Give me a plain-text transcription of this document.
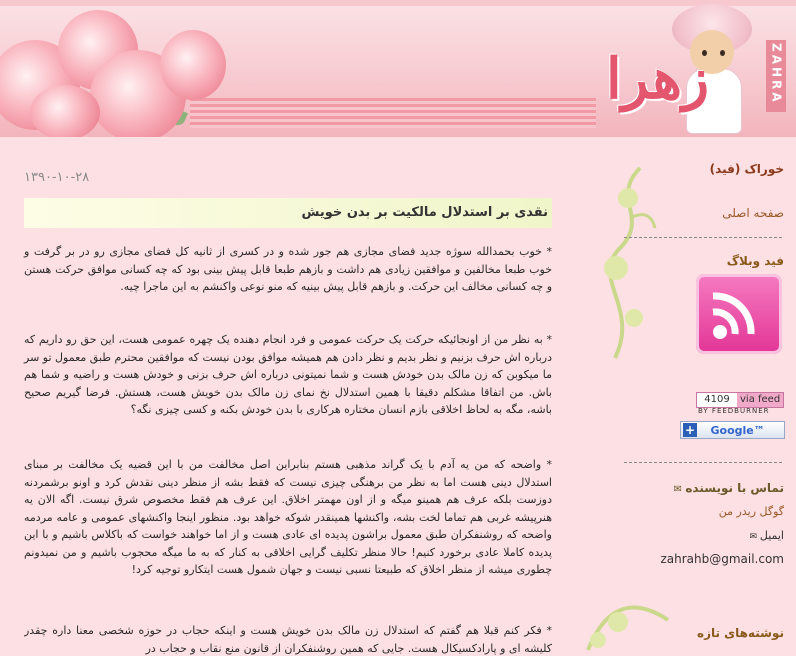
زهرا	ZAHRA
۱۳۹۰-۱۰-۲۸
نقدی بر استدلال مالکیت بر بدن خویش
* خوب بحمدالله سوژه جدید فضای مجازی هم جور شده و در کسری از ثانیه کل فضای مجازی رو در بر گرفت و خوب طبعا مخالفین و موافقین زیادی هم داشت و بازهم طبعا قابل پیش بینی بود که چه کسانی موافق حرکت هستن و چه کسانی مخالف این حرکت. و بازهم قابل پیش بینیه که منو نوعی واکنشم به این ماجرا چیه.
* به نظر من از اونجائیکه حرکت یک حرکت عمومی و فرد انجام دهنده یک چهره عمومی هست، این حق رو داریم که درباره اش حرف بزنیم و نظر بدیم و نظر دادن هم همیشه موافق بودن نیست که موافقین محترم طبق معمول تو سر ما میکوبن که زن مالک بدن خودش هست و شما نمیتونی درباره اش حرف بزنی و خودش هست و راضیه و شما هم باش. من اتفاقا مشکلم دقیقا با همین استدلال نخ نمای زن مالک بدن خویش هست، هستش. فرضا گیریم صحیح باشه، مگه به لحاظ اخلاقی بازم انسان مختاره هرکاری با بدن خودش بکنه و کسی چیزی نگه؟
* واضحه که من یه آدم با یک گراند مذهبی هستم بنابراین اصل مخالفت من با این قضیه یک مخالفت بر مبنای استدلال دینی هست اما به نظر من برهنگی چیزی نیست که فقط بشه از منظر دینی نقدش کرد و اونو برشمردنه دوزست بلکه عرف هم همینو میگه و از اون مهمتر اخلاق. این عرف هم فقط مخصوص شرق نیست. اگه الان یه هنرپیشه غربی هم تماما لخت بشه، واکنشها همینقدر شوکه خواهد بود. منظور اینجا واکنشهای عمومی و عامه مردمه واضحه که روشنفکران طبق معمول براشون پدیده ای عادی هست و از اما خواهند خواست که باکلاس باشیم و با این پدیده کاملا عادی برخورد کنیم! حالا منظر تکلیف گرایی اخلاقی به کنار که به ما میگه محجوب باشیم و من نمیدونم چطوری میشه از منظر اخلاق که طبیعتا نسبی نیست و جهان شمول هست ایتکارو توجیه کرد!
* فکر کنم قبلا هم گفتم که استدلال زن مالک بدن خویش هست و اینکه حجاب در حوزه شخصی معنا داره چقدر کلیشه ای و پارادکسیکال هست. جایی که همین روشنفکران از قانون منع نقاب و حجاب در
خوراک (فید)
صفحه اصلی
فید وبلاگ
4109 via feed
BY FEEDBURNER
+ Google™
تماس با نویسنده ✉
گوگل ریدر من
ایمیل ✉
zahrahb@gmail.com
نوشته‌های تازه
